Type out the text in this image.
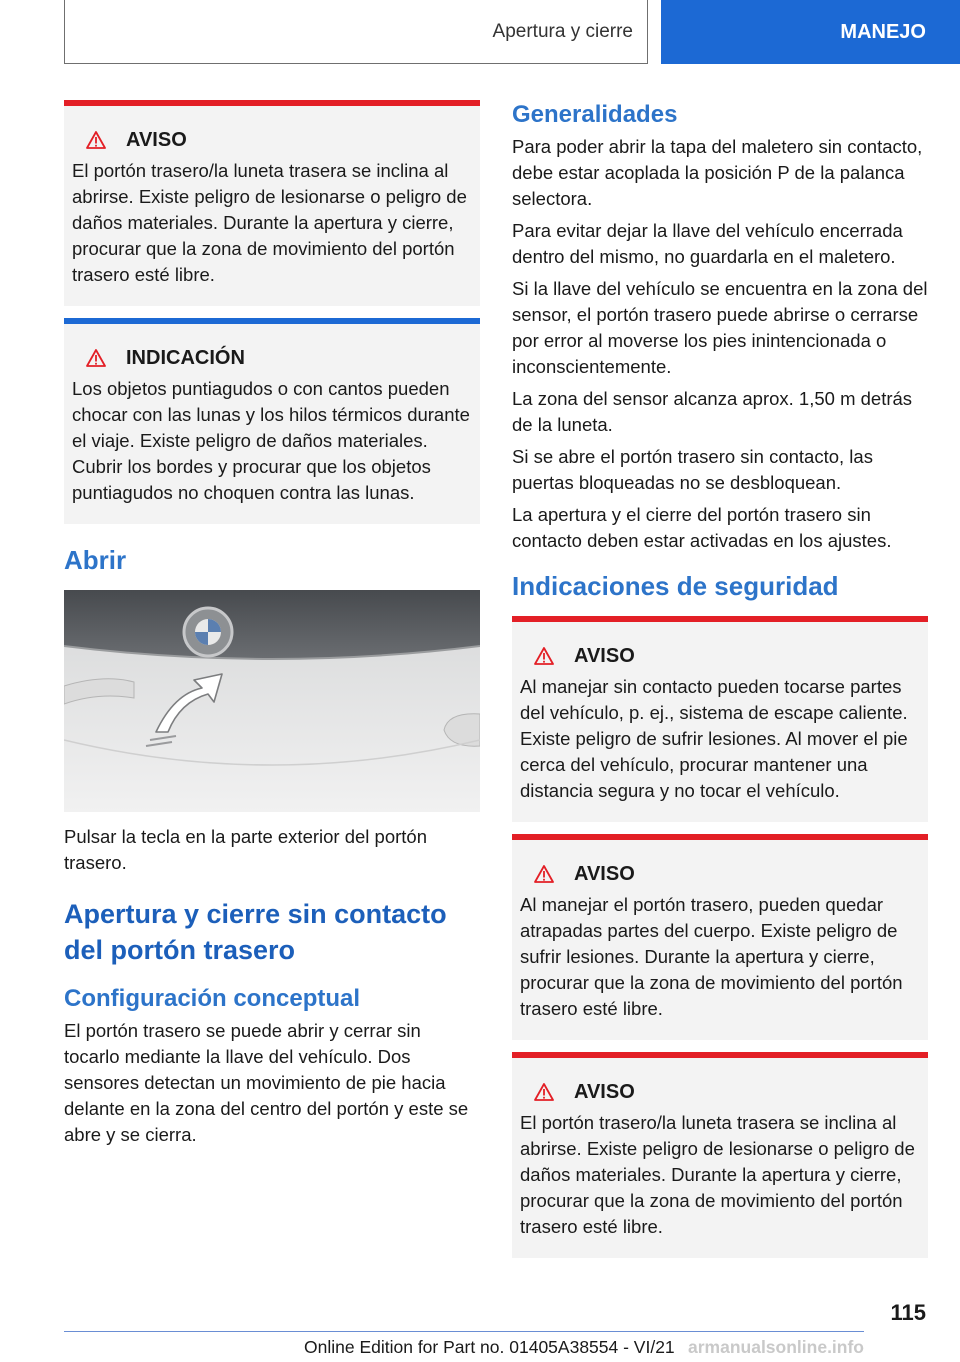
Apertura y cierre	MANEJO
AVISO
El portón trasero/la luneta trasera se inclina al abrirse. Existe peligro de lesionarse o peligro de daños materiales. Durante la apertura y cierre, procurar que la zona de movimiento del portón trasero esté libre.
INDICACIÓN
Los objetos puntiagudos o con cantos pueden chocar con las lunas y los hilos térmicos durante el viaje. Existe peligro de daños materiales. Cubrir los bordes y procurar que los objetos puntiagudos no choquen contra las lunas.
Abrir
Pulsar la tecla en la parte exterior del portón trasero.
Apertura y cierre sin contacto del portón trasero
Configuración conceptual
El portón trasero se puede abrir y cerrar sin tocarlo mediante la llave del vehículo. Dos sensores detectan un movimiento de pie hacia delante en la zona del centro del portón y este se abre y se cierra.
Generalidades
Para poder abrir la tapa del maletero sin contacto, debe estar acoplada la posición P de la palanca selectora.
Para evitar dejar la llave del vehículo encerrada dentro del mismo, no guardarla en el maletero.
Si la llave del vehículo se encuentra en la zona del sensor, el portón trasero puede abrirse o cerrarse por error al moverse los pies inintencionada o inconscientemente.
La zona del sensor alcanza aprox. 1,50 m detrás de la luneta.
Si se abre el portón trasero sin contacto, las puertas bloqueadas no se desbloquean.
La apertura y el cierre del portón trasero sin contacto deben estar activadas en los ajustes.
Indicaciones de seguridad
AVISO
Al manejar sin contacto pueden tocarse partes del vehículo, p. ej., sistema de escape caliente. Existe peligro de sufrir lesiones. Al mover el pie cerca del vehículo, procurar mantener una distancia segura y no tocar el vehículo.
AVISO
Al manejar el portón trasero, pueden quedar atrapadas partes del cuerpo. Existe peligro de sufrir lesiones. Durante la apertura y cierre, procurar que la zona de movimiento del portón trasero esté libre.
AVISO
El portón trasero/la luneta trasera se inclina al abrirse. Existe peligro de lesionarse o peligro de daños materiales. Durante la apertura y cierre, procurar que la zona de movimiento del portón trasero esté libre.
115
Online Edition for Part no. 01405A38554 - VI/21 armanualsonline.info
